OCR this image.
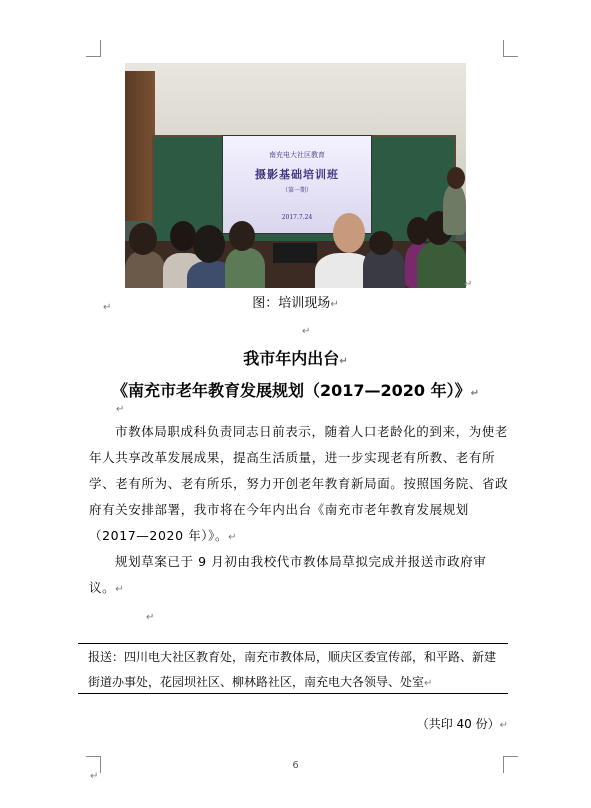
南充电大社区教育
摄影基础培训班
（第一期）
2017.7.24
↵
↵	图：培训现场↵
↵
我市年内出台↵
《南充市老年教育发展规划（2017—2020 年）》↵
↵
市教体局职成科负责同志日前表示，随着人口老龄化的到来，为使老年人共享改革发展成果，提高生活质量，进一步实现老有所教、老有所学、老有所为、老有所乐，努力开创老年教育新局面。按照国务院、省政府有关安排部署，我市将在今年内出台《南充市老年教育发展规划（2017—2020 年）》。↵
规划草案已于 9 月初由我校代市教体局草拟完成并报送市政府审议。↵
↵
报送：四川电大社区教育处，南充市教体局，顺庆区委宣传部，和平路、新建街道办事处，花园坝社区、柳林路社区，南充电大各领导、处室↵
（共印 40 份）↵
6
↵
